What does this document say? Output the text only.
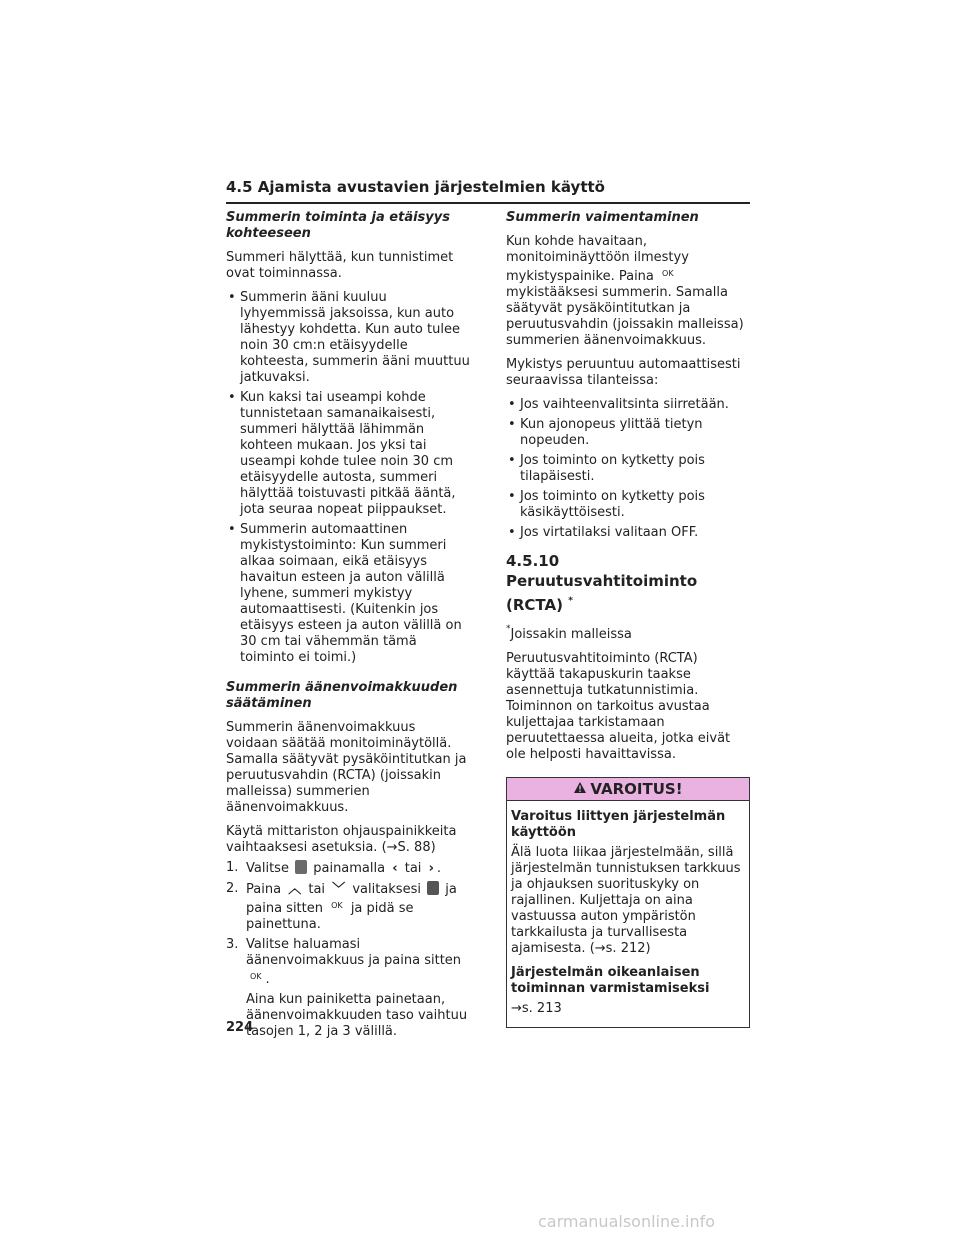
4.5 Ajamista avustavien järjestelmien käyttö
Summerin toiminta ja etäisyys kohteeseen

Summeri hälyttää, kun tunnistimet ovat toiminnassa.

• Summerin ääni kuuluu lyhyemmissä jaksoissa, kun auto lähestyy kohdetta. Kun auto tulee noin 30 cm:n etäisyydelle kohteesta, summerin ääni muuttuu jatkuvaksi.
• Kun kaksi tai useampi kohde tunnistetaan samanaikaisesti, summeri hälyttää lähimmän kohteen mukaan. Jos yksi tai useampi kohde tulee noin 30 cm etäisyydelle autosta, summeri hälyttää toistuvasti pitkää ääntä, jota seuraa nopeat piippaukset.
• Summerin automaattinen mykistystoiminto: Kun summeri alkaa soimaan, eikä etäisyys havaitun esteen ja auton välillä lyhene, summeri mykistyy automaattisesti. (Kuitenkin jos etäisyys esteen ja auton välillä on 30 cm tai vähemmän tämä toiminto ei toimi.)
Summerin äänenvoimakkuuden säätäminen

Summerin äänenvoimakkuus voidaan säätää monitoiminäytöllä. Samalla säätyvät pysäköintitutkan ja peruutusvahdin (RCTA) (joissakin malleissa) summerien äänenvoimakkuus.

Käytä mittariston ohjauspainikkeita vaihtaaksesi asetuksia. (→S. 88)

1. Valitse painamalla ‹ tai › .
2. Paina ︿ tai ﹀ valitaksesi ja paina sitten $^{OK}$ ja pidä se painettuna.
3. Valitse haluamasi äänenvoimakkuus ja paina sitten $^{OK}$ .
Aina kun painiketta painetaan, äänenvoimakkuuden taso vaihtuu tasojen 1, 2 ja 3 välillä.
Summerin vaimentaminen

Kun kohde havaitaan, monitoiminäyttöön ilmestyy mykistyspainike. Paina $^{OK}$ mykistääksesi summerin. Samalla säätyvät pysäköintitutkan ja peruutusvahdin (joissakin malleissa) summerien äänenvoimakkuus.

Mykistys peruuntuu automaattisesti seuraavissa tilanteissa:

• Jos vaihteenvalitsinta siirretään.
• Kun ajonopeus ylittää tietyn nopeuden.
• Jos toiminto on kytketty pois tilapäisesti.
• Jos toiminto on kytketty pois käsikäyttöisesti.
• Jos virtatilaksi valitaan OFF.
4.5.10 Peruutusvahtitoiminto
(RCTA) *

*Joissakin malleissa

Peruutusvahtitoiminto (RCTA) käyttää takapuskurin taakse asennettuja tutkatunnistimia. Toiminnon on tarkoitus avustaa kuljettajaa tarkistamaan peruutettaessa alueita, jotka eivät ole helposti havaittavissa.

VAROITUS!
Varoitus liittyen järjestelmän käyttöön

Älä luota liikaa järjestelmään, sillä järjestelmän tunnistuksen tarkkuus ja ohjauksen suorituskyky on rajallinen. Kuljettaja on aina vastuussa auton ympäristön tarkkailusta ja turvallisesta ajamisesta. (→s. 212)

Järjestelmän oikeanlaisen toiminnan varmistamiseksi

→s. 213

224
carmanualsonline.info
